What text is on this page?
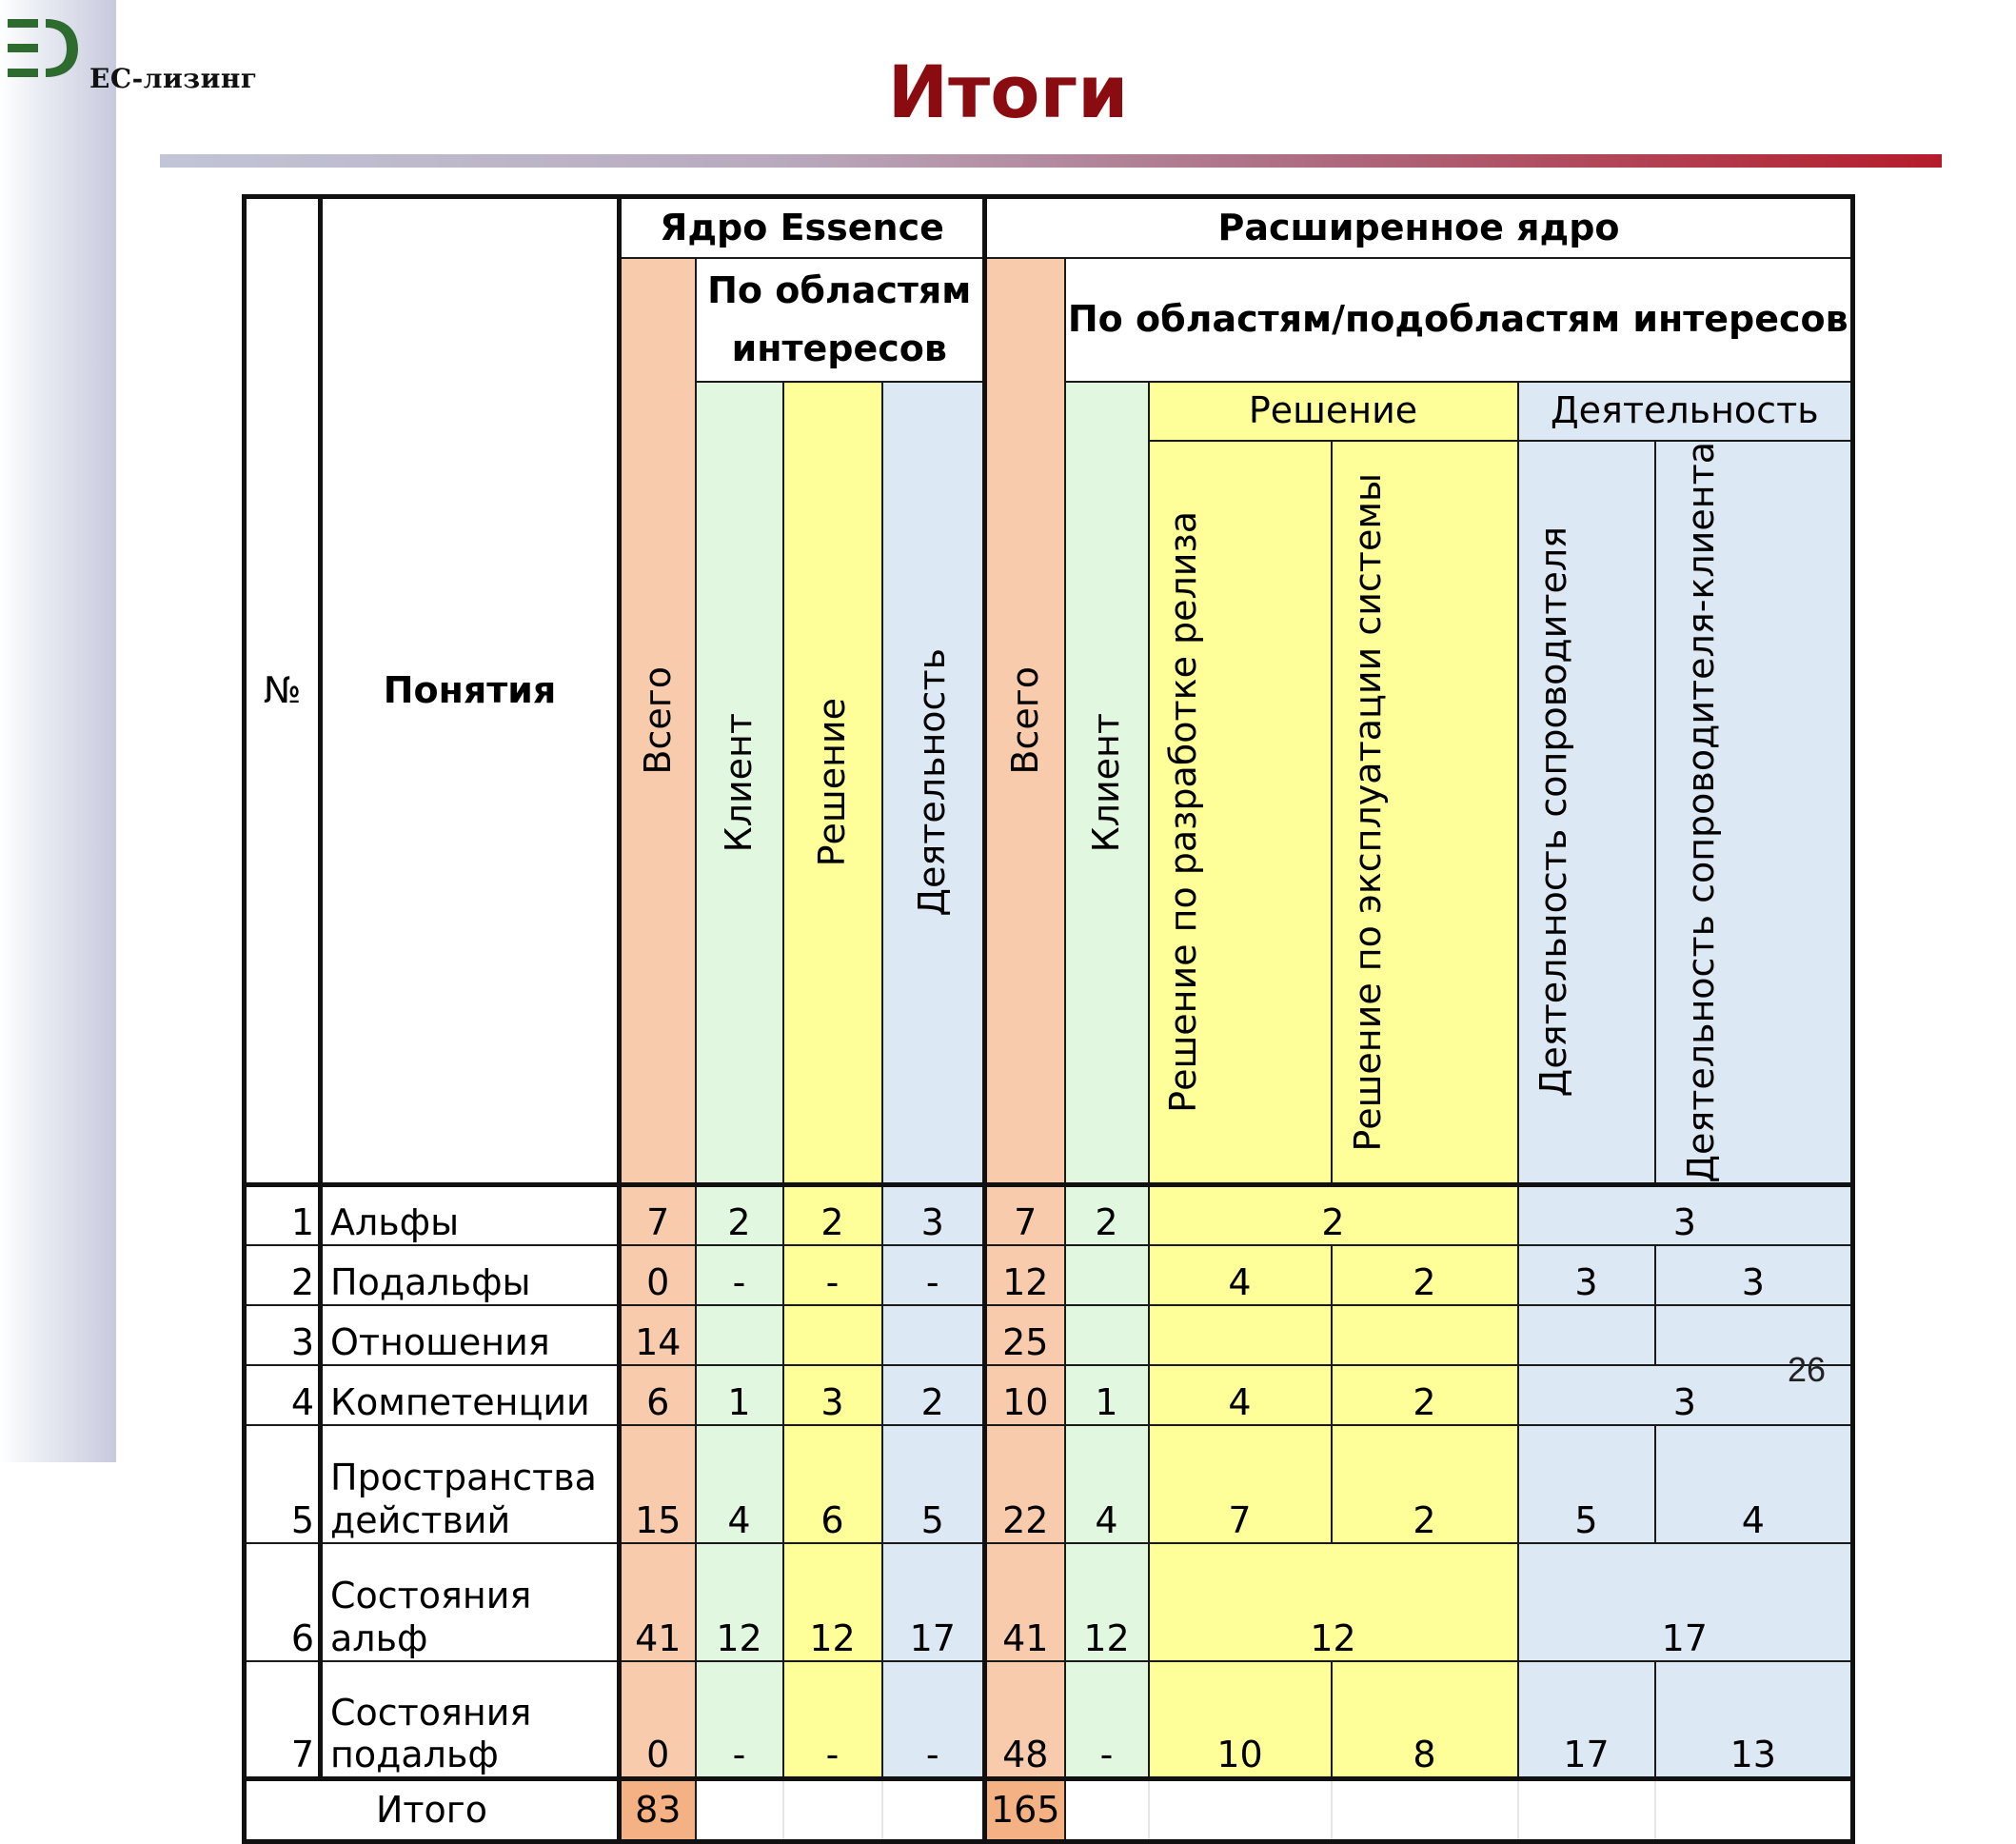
ЕС-лизинг	Итоги
№	Понятия	Ядро Essence				Расширенное ядро					

		Всего	По областям интересов			Всего	По областям/подобластям интересов				

			Клиент	Решение	Деятельность		Клиент	Решение		Деятельность	

								Решение по разработке релиза	Решение по эксплуатации системы	Деятельность сопроводителя	Деятельность сопроводителя-клиента

1	Альфы	7	2	2	3	7	2	2		3	
2	Подальфы	0	-	-	-	12		4	2	3	3
3	Отношения	14				25					
4	Компетенции	6	1	3	2	10	1	4	2	3	
5	Пространства действий	15	4	6	5	22	4	7	2	5	4
6	Состояния альф	41	12	12	17	41	12	12		17	
7	Состояния подальф	0	-	-	-	48	-	10	8	17	13
Итого		83				165					
26
